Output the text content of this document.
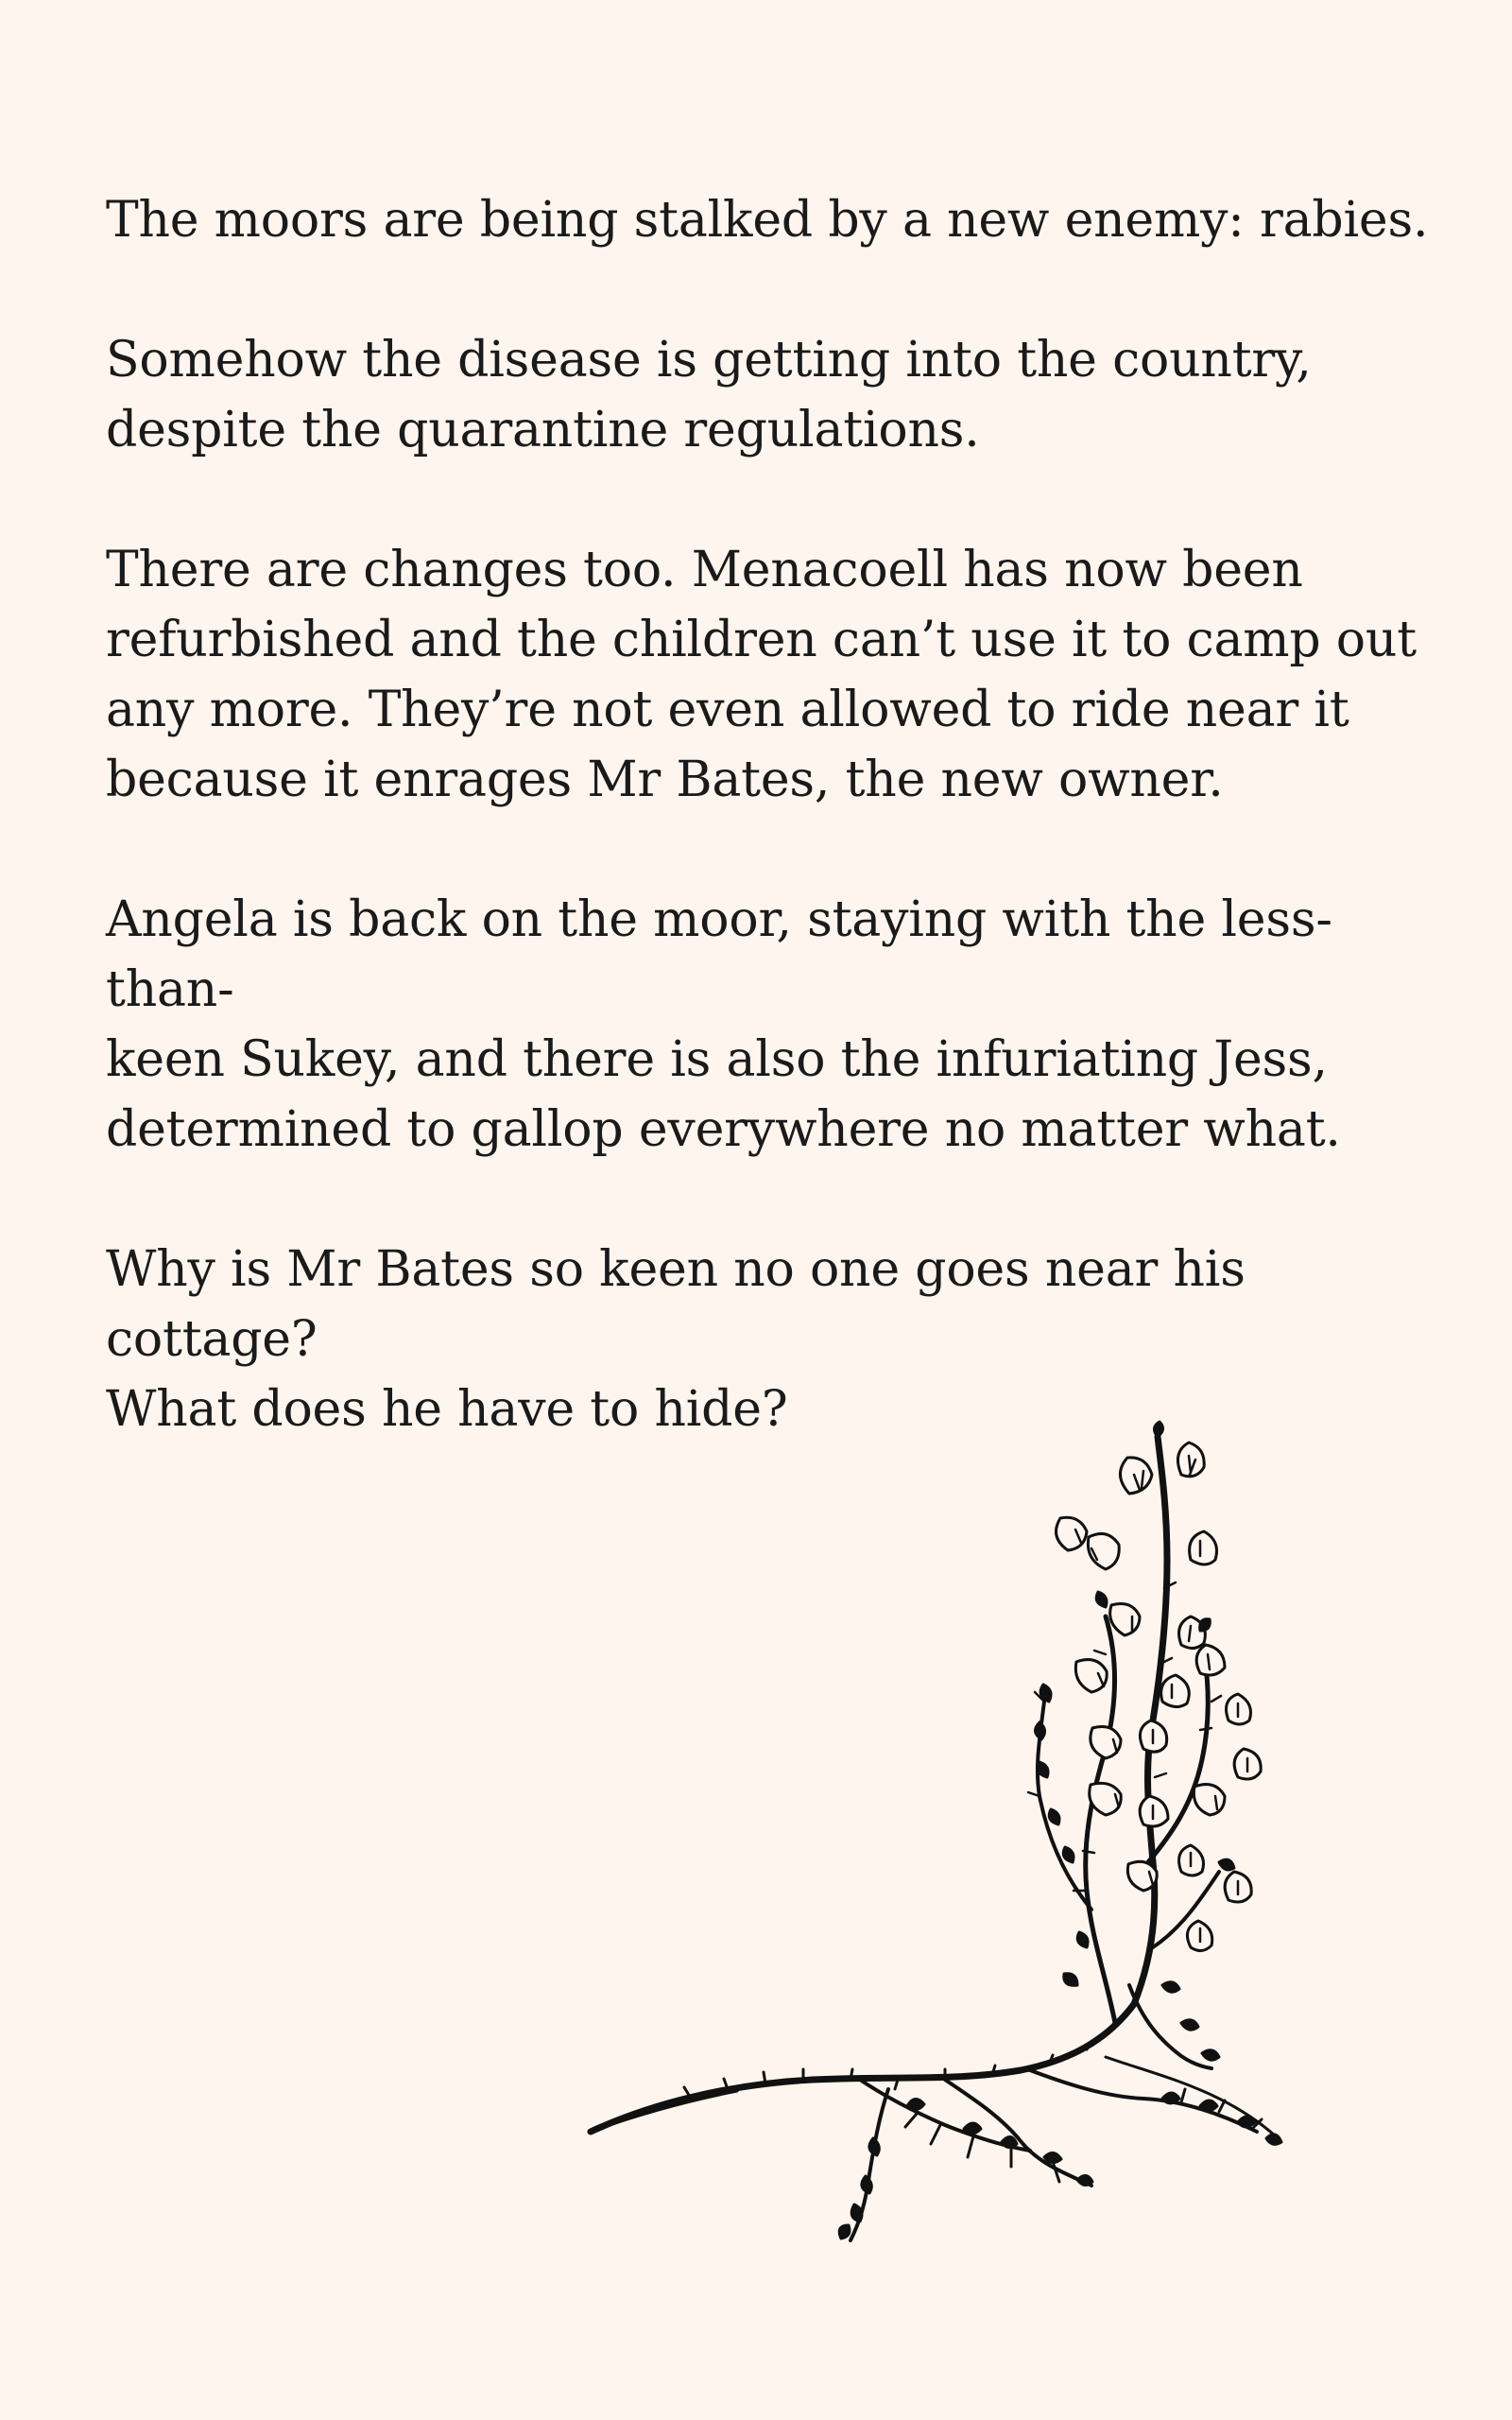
The moors are being stalked by a new enemy: rabies.

Somehow the disease is getting into the country,
despite the quarantine regulations.

There are changes too. Menacoell has now been
refurbished and the children can’t use it to camp out
any more. They’re not even allowed to ride near it
because it enrages Mr Bates, the new owner.

Angela is back on the moor, staying with the less-than-
keen Sukey, and there is also the infuriating Jess,
determined to gallop everywhere no matter what.

Why is Mr Bates so keen no one goes near his cottage?
What does he have to hide?
